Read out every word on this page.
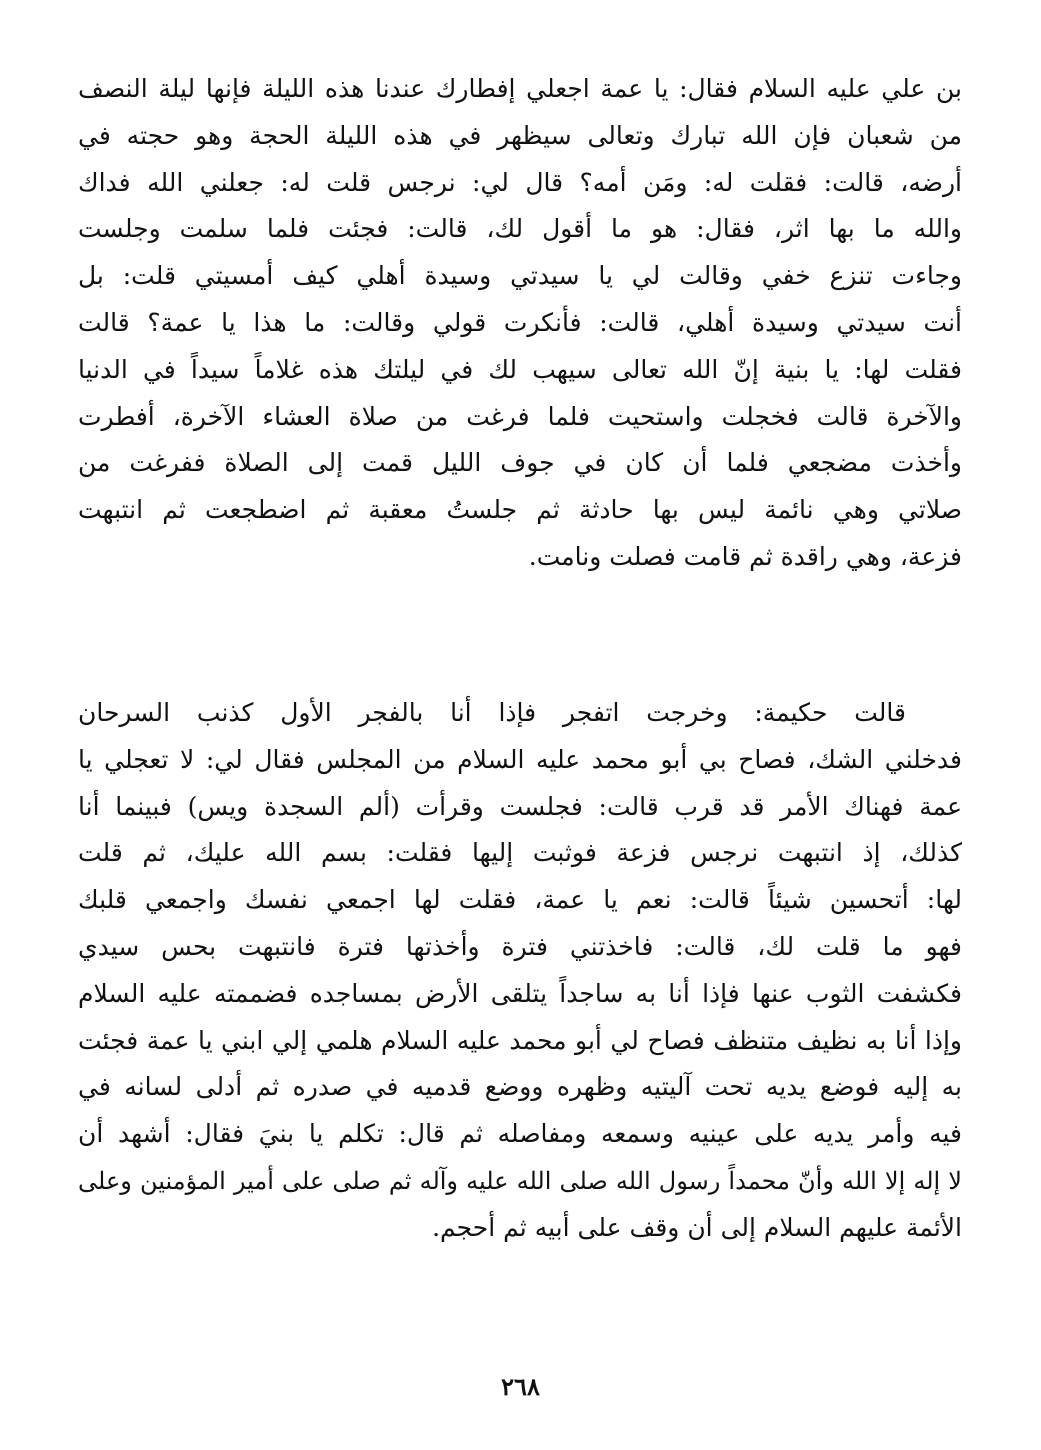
بن علي عليه السلام فقال: يا عمة اجعلي إفطارك عندنا هذه الليلة فإنها ليلة النصف
من شعبان فإن الله تبارك وتعالى سيظهر في هذه الليلة الحجة وهو حجته في
أرضه، قالت: فقلت له: ومَن أمه؟ قال لي: نرجس قلت له: جعلني الله فداك
والله ما بها اثر، فقال: هو ما أقول لك، قالت: فجئت فلما سلمت وجلست
وجاءت تنزع خفي وقالت لي يا سيدتي وسيدة أهلي كيف أمسيتي قلت: بل
أنت سيدتي وسيدة أهلي، قالت: فأنكرت قولي وقالت: ما هذا يا عمة؟ قالت
فقلت لها: يا بنية إنّ الله تعالى سيهب لك في ليلتك هذه غلاماً سيداً في الدنيا
والآخرة قالت فخجلت واستحيت فلما فرغت من صلاة العشاء الآخرة، أفطرت
وأخذت مضجعي فلما أن كان في جوف الليل قمت إلى الصلاة ففرغت من
صلاتي وهي نائمة ليس بها حادثة ثم جلستُ معقبة ثم اضطجعت ثم انتبهت
فزعة، وهي راقدة ثم قامت فصلت ونامت.
قالت حكيمة: وخرجت اتفجر فإذا أنا بالفجر الأول كذنب السرحان
فدخلني الشك، فصاح بي أبو محمد عليه السلام من المجلس فقال لي: لا تعجلي يا
عمة فهناك الأمر قد قرب قالت: فجلست وقرأت (ألم السجدة ويس) فبينما أنا
كذلك، إذ انتبهت نرجس فزعة فوثبت إليها فقلت: بسم الله عليك، ثم قلت
لها: أتحسين شيئاً قالت: نعم يا عمة، فقلت لها اجمعي نفسك واجمعي قلبك
فهو ما قلت لك، قالت: فاخذتني فترة وأخذتها فترة فانتبهت بحس سيدي
فكشفت الثوب عنها فإذا أنا به ساجداً يتلقى الأرض بمساجده فضممته عليه السلام
وإذا أنا به نظيف متنظف فصاح لي أبو محمد عليه السلام هلمي إلي ابني يا عمة فجئت
به إليه فوضع يديه تحت آليتيه وظهره ووضع قدميه في صدره ثم أدلى لسانه في
فيه وأمر يديه على عينيه وسمعه ومفاصله ثم قال: تكلم يا بنيَ فقال: أشهد أن
لا إله إلا الله وأنّ محمداً رسول الله صلى الله عليه وآله ثم صلى على أمير المؤمنين وعلى
الأئمة عليهم السلام إلى أن وقف على أبيه ثم أحجم.
٢٦٨
